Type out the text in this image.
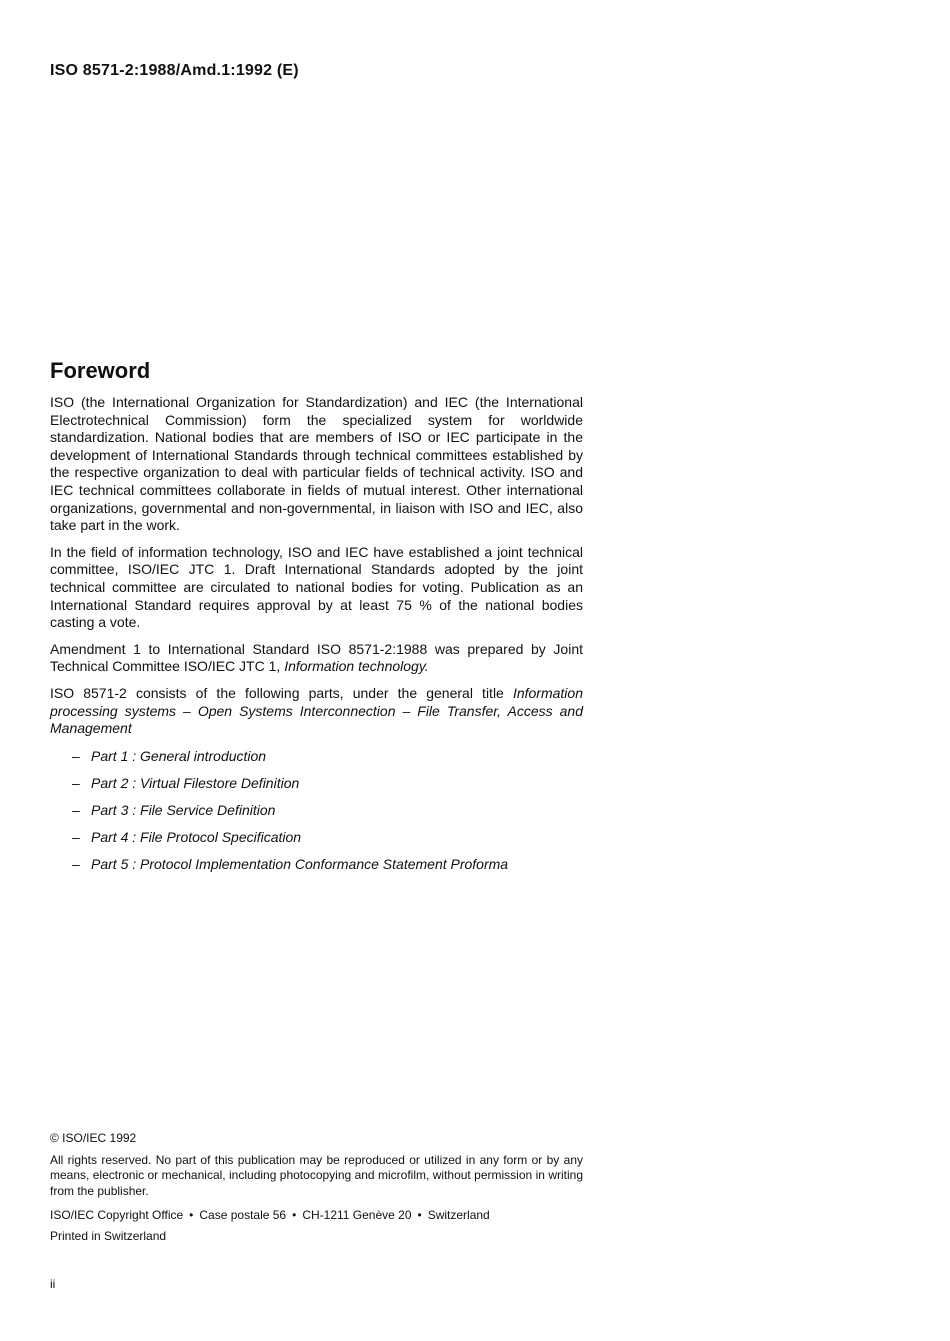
ISO 8571-2:1988/Amd.1:1992 (E)
Foreword

ISO (the International Organization for Standardization) and IEC (the International Electrotechnical Commission) form the specialized system for worldwide standardization. National bodies that are members of ISO or IEC participate in the development of International Standards through technical committees established by the respective organization to deal with particular fields of technical activity. ISO and IEC technical committees collaborate in fields of mutual interest. Other international organizations, governmental and non-governmental, in liaison with ISO and IEC, also take part in the work.

In the field of information technology, ISO and IEC have established a joint technical committee, ISO/IEC JTC 1. Draft International Standards adopted by the joint technical committee are circulated to national bodies for voting. Publication as an International Standard requires approval by at least 75 % of the national bodies casting a vote.

Amendment 1 to International Standard ISO 8571-2:1988 was prepared by Joint Technical Committee ISO/IEC JTC 1, Information technology.

ISO 8571-2 consists of the following parts, under the general title Information processing systems – Open Systems Interconnection – File Transfer, Access and Management

– Part 1 : General introduction
– Part 2 : Virtual Filestore Definition
– Part 3 : File Service Definition
– Part 4 : File Protocol Specification
– Part 5 : Protocol Implementation Conformance Statement Proforma

© ISO/IEC 1992

All rights reserved. No part of this publication may be reproduced or utilized in any form or by any means, electronic or mechanical, including photocopying and microfilm, without permission in writing from the publisher.

ISO/IEC Copyright Office • Case postale 56 • CH-1211 Genève 20 • Switzerland

Printed in Switzerland

ii
